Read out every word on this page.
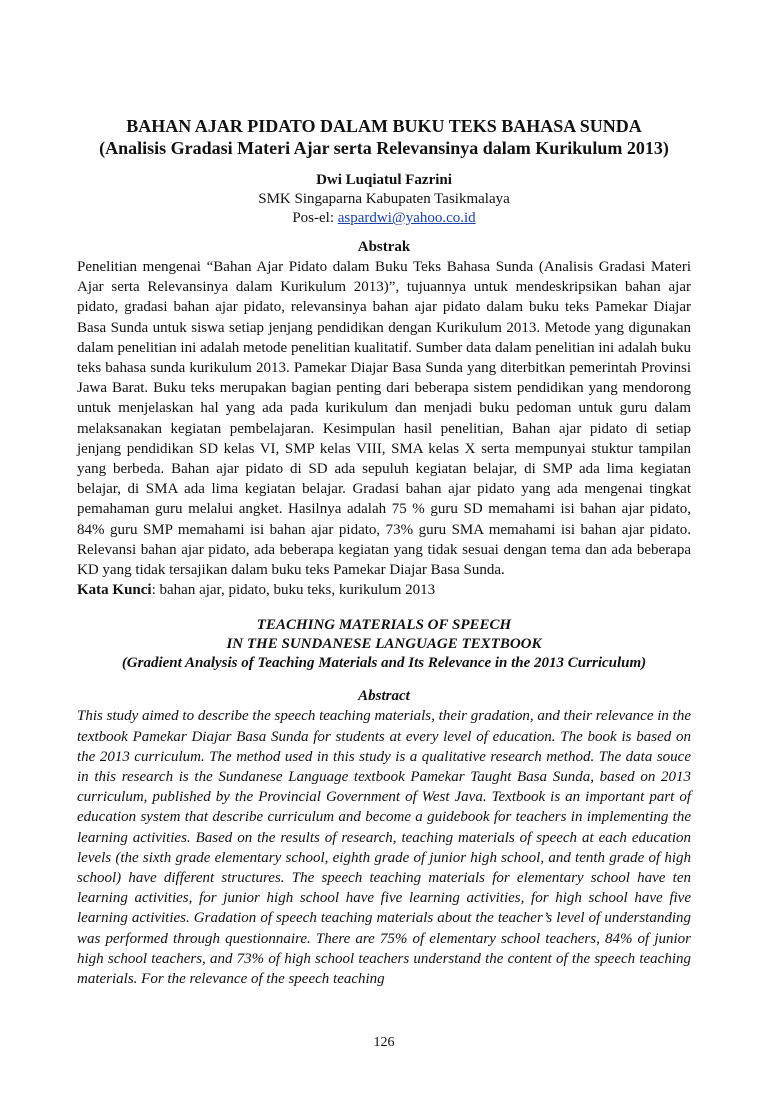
BAHAN AJAR PIDATO DALAM BUKU TEKS BAHASA SUNDA
(Analisis Gradasi Materi Ajar serta Relevansinya dalam Kurikulum 2013)

Dwi Luqiatul Fazrini
SMK Singaparna Kabupaten Tasikmalaya
Pos-el: aspardwi@yahoo.co.id
Abstrak

Penelitian mengenai “Bahan Ajar Pidato dalam Buku Teks Bahasa Sunda (Analisis Gradasi Materi Ajar serta Relevansinya dalam Kurikulum 2013)”, tujuannya untuk mendeskripsikan bahan ajar pidato, gradasi bahan ajar pidato, relevansinya bahan ajar pidato dalam buku teks Pamekar Diajar Basa Sunda untuk siswa setiap jenjang pendidikan dengan Kurikulum 2013. Metode yang digunakan dalam penelitian ini adalah metode penelitian kualitatif. Sumber data dalam penelitian ini adalah buku teks bahasa sunda kurikulum 2013. Pamekar Diajar Basa Sunda yang diterbitkan pemerintah Provinsi Jawa Barat. Buku teks merupakan bagian penting dari beberapa sistem pendidikan yang mendorong untuk menjelaskan hal yang ada pada kurikulum dan menjadi buku pedoman untuk guru dalam melaksanakan kegiatan pembelajaran. Kesimpulan hasil penelitian, Bahan ajar pidato di setiap jenjang pendidikan SD kelas VI, SMP kelas VIII, SMA kelas X serta mempunyai stuktur tampilan yang berbeda. Bahan ajar pidato di SD ada sepuluh kegiatan belajar, di SMP ada lima kegiatan belajar, di SMA ada lima kegiatan belajar. Gradasi bahan ajar pidato yang ada mengenai tingkat pemahaman guru melalui angket. Hasilnya adalah 75 % guru SD memahami isi bahan ajar pidato, 84% guru SMP memahami isi bahan ajar pidato, 73% guru SMA memahami isi bahan ajar pidato. Relevansi bahan ajar pidato, ada beberapa kegiatan yang tidak sesuai dengan tema dan ada beberapa KD yang tidak tersajikan dalam buku teks Pamekar Diajar Basa Sunda.

Kata Kunci: bahan ajar, pidato, buku teks, kurikulum 2013

TEACHING MATERIALS OF SPEECH
IN THE SUNDANESE LANGUAGE TEXTBOOK
(Gradient Analysis of Teaching Materials and Its Relevance in the 2013 Curriculum)
Abstract

This study aimed to describe the speech teaching materials, their gradation, and their relevance in the textbook Pamekar Diajar Basa Sunda for students at every level of education. The book is based on the 2013 curriculum. The method used in this study is a qualitative research method. The data souce in this research is the Sundanese Language textbook Pamekar Taught Basa Sunda, based on 2013 curriculum, published by the Provincial Government of West Java. Textbook is an important part of education system that describe curriculum and become a guidebook for teachers in implementing the learning activities. Based on the results of research, teaching materials of speech at each education levels (the sixth grade elementary school, eighth grade of junior high school, and tenth grade of high school) have different structures. The speech teaching materials for elementary school have ten learning activities, for junior high school have five learning activities, for high school have five learning activities. Gradation of speech teaching materials about the teacher’s level of understanding was performed through questionnaire. There are 75% of elementary school teachers, 84% of junior high school teachers, and 73% of high school teachers understand the content of the speech teaching materials. For the relevance of the speech teaching

126
